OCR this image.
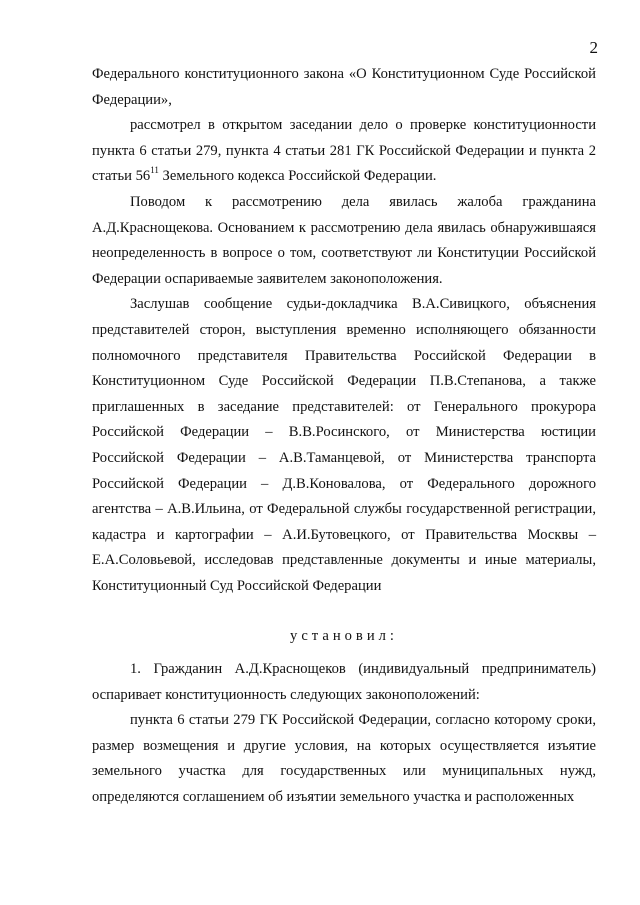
2

Федерального конституционного закона «О Конституционном Суде Российской Федерации»,

рассмотрел в открытом заседании дело о проверке конституционности пункта 6 статьи 279, пункта 4 статьи 281 ГК Российской Федерации и пункта 2 статьи $56^{11}$ Земельного кодекса Российской Федерации.

Поводом к рассмотрению дела явилась жалоба гражданина А.Д.Краснощекова. Основанием к рассмотрению дела явилась обнаружившаяся неопределенность в вопросе о том, соответствуют ли Конституции Российской Федерации оспариваемые заявителем законоположения.

Заслушав сообщение судьи-докладчика В.А.Сивицкого, объяснения представителей сторон, выступления временно исполняющего обязанности полномочного представителя Правительства Российской Федерации в Конституционном Суде Российской Федерации П.В.Степанова, а также приглашенных в заседание представителей: от Генерального прокурора Российской Федерации – В.В.Росинского, от Министерства юстиции Российской Федерации – А.В.Таманцевой, от Министерства транспорта Российской Федерации – Д.В.Коновалова, от Федерального дорожного агентства – А.В.Ильина, от Федеральной службы государственной регистрации, кадастра и картографии – А.И.Бутовецкого, от Правительства Москвы – Е.А.Соловьевой, исследовав представленные документы и иные материалы, Конституционный Суд Российской Федерации

установил:

1. Гражданин А.Д.Краснощеков (индивидуальный предприниматель) оспаривает конституционность следующих законоположений:

пункта 6 статьи 279 ГК Российской Федерации, согласно которому сроки, размер возмещения и другие условия, на которых осуществляется изъятие земельного участка для государственных или муниципальных нужд, определяются соглашением об изъятии земельного участка и расположенных
